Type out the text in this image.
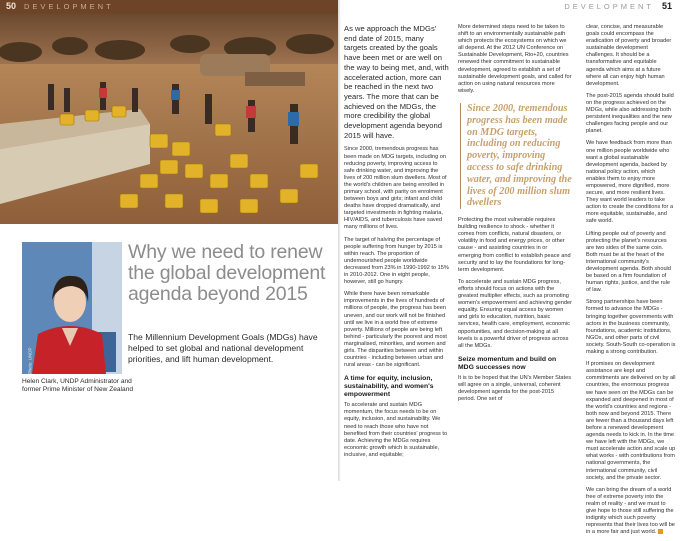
50 DEVELOPMENT
Photo: UNDP
Helen Clark, UNDP Administrator and former Prime Minister of New Zealand
Why we need to renew the global development agenda beyond 2015
The Millennium Development Goals (MDGs) have helped to set global and national development priorities, and lift human development.
DEVELOPMENT 51

As we approach the MDGs' end date of 2015, many targets created by the goals have been met or are well on the way to being met, and, with accelerated action, more can be reached in the next two years. The more that can be achieved on the MDGs, the more credibility the global development agenda beyond 2015 will have.

Since 2000, tremendous progress has been made on MDG targets, including on reducing poverty, improving access to safe drinking water, and improving the lives of 200 million slum dwellers. Most of the world's children are being enrolled in primary school, with parity on enrolment between boys and girls; infant and child deaths have dropped dramatically, and targeted investments in fighting malaria, HIV/AIDS, and tuberculosis have saved many millions of lives.

The target of halving the percentage of people suffering from hunger by 2015 is within reach. The proportion of undernourished people worldwide decreased from 23% in 1990-1992 to 15% in 2010-2012. One in eight people, however, still go hungry.

While there have been remarkable improvements in the lives of hundreds of millions of people, the progress has been uneven, and our work will not be finished until we live in a world free of extreme poverty. Millions of people are being left behind - particularly the poorest and most marginalised, minorities, and women and girls. The disparities between and within countries - including between urban and rural areas - can be significant.

A time for equity, inclusion, sustainability, and women's empowerment

To accelerate and sustain MDG momentum, the focus needs to be on equity, inclusion, and sustainability. We need to reach those who have not benefited from their countries' progress to date. Achieving the MDGs requires economic growth which is sustainable, inclusive, and equitable;

More determined steps need to be taken to shift to an environmentally sustainable path which protects the ecosystems on which we all depend. At the 2012 UN Conference on Sustainable Development, Rio+20, countries renewed their commitment to sustainable development, agreed to establish a set of sustainable development goals, and called for action on using natural resources more wisely.

Since 2000, tremendous progress has been made on MDG targets, including on reducing poverty, improving access to safe drinking water, and improving the lives of 200 million slum dwellers

Protecting the most vulnerable requires building resilience to shock - whether it comes from conflicts, natural disasters, or volatility in food and energy prices, or other cause - and assisting countries in or emerging from conflict to establish peace and security and to lay the foundations for long-term development.

To accelerate and sustain MDG progress, efforts should focus on actions with the greatest multiplier effects, such as promoting women's empowerment and achieving gender equality. Ensuring equal access by women and girls to education, nutrition, basic services, health care, employment, economic opportunities, and decision-making at all levels is a powerful driver of progress across all the MDGs.

Seize momentum and build on MDG successes now

It is to be hoped that the UN's Member States will agree on a single, universal, coherent development agenda for the post-2015 period. One set of

clear, concise, and measurable goals could encompass the eradication of poverty and broader sustainable development challenges. It should be a transformative and equitable agenda which aims at a future where all can enjoy high human development.

The post-2015 agenda should build on the progress achieved on the MDGs, while also addressing both persistent inequalities and the new challenges facing people and our planet.

We have feedback from more than one million people worldwide who want a global sustainable development agenda, backed by national policy action, which enables them to enjoy more empowered, more dignified, more secure, and more resilient lives. They want world leaders to take action to create the conditions for a more equitable, sustainable, and safe world.

Lifting people out of poverty and protecting the planet's resources are two sides of the same coin. Both must be at the heart of the international community's development agenda. Both should be based on a firm foundation of human rights, justice, and the rule of law.

Strong partnerships have been formed to advance the MDGs - bringing together governments with actors in the business community, foundations, academic institutions, NGOs, and other parts of civil society. South-South co-operation is making a strong contribution.

If promises on development assistance are kept and commitments are delivered on by all countries, the enormous progress we have seen on the MDGs can be expanded and deepened in most of the world's countries and regions - both now and beyond 2015. There are fewer than a thousand days left before a renewed development agenda needs to kick in. In the time we have left with the MDGs, we must accelerate action and scale up what works - with contributions from national governments, the international community, civil society, and the private sector.

We can bring the dream of a world free of extreme poverty into the realm of reality - and we must to give hope to those still suffering the indignity which such poverty represents that their lives too will be in a more fair and just world.
